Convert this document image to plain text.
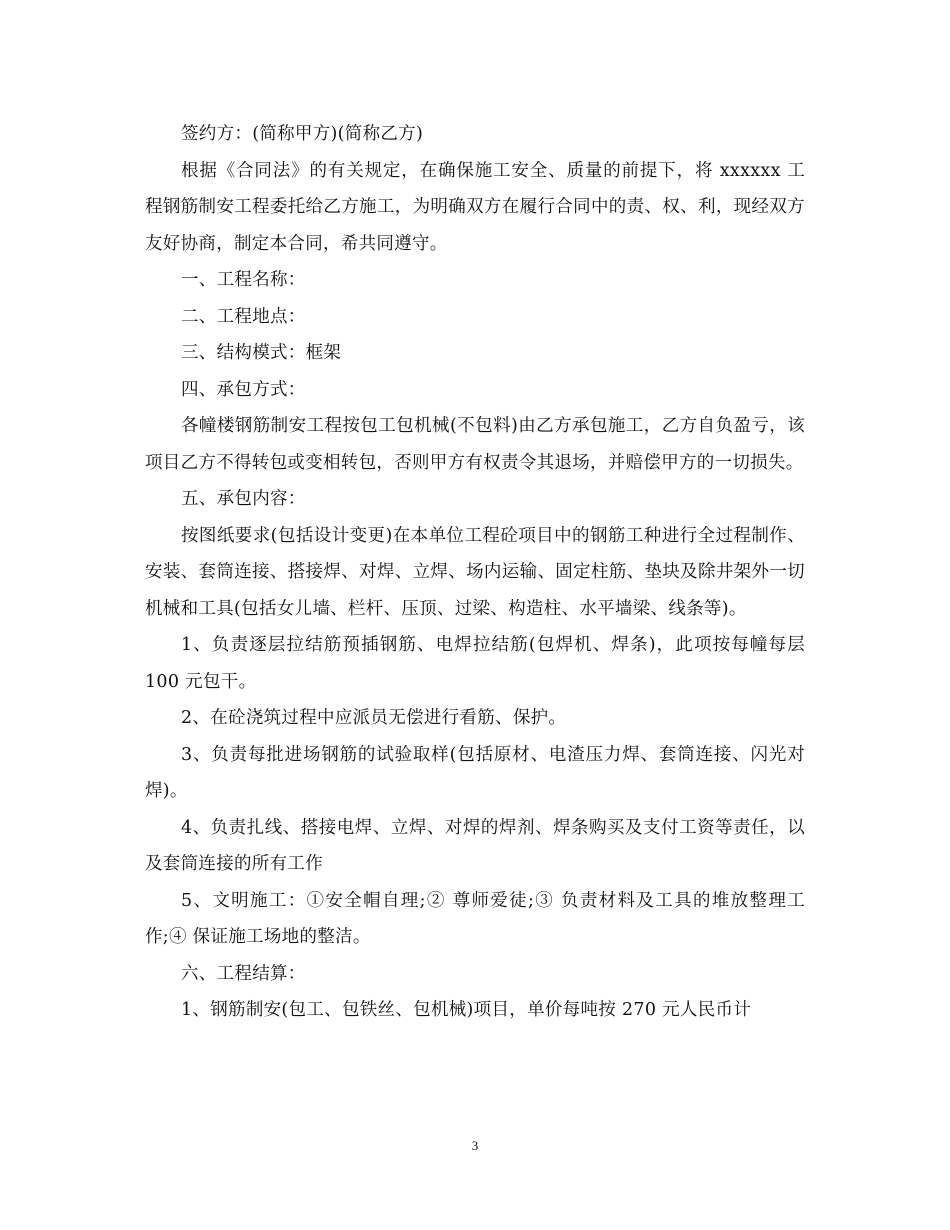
签约方：(简称甲方)(简称乙方)

根据《合同法》的有关规定，在确保施工安全、质量的前提下，将 xxxxxx 工程钢筋制安工程委托给乙方施工，为明确双方在履行合同中的责、权、利，现经双方友好协商，制定本合同，希共同遵守。

一、工程名称：

二、工程地点：

三、结构模式：框架

四、承包方式：

各幢楼钢筋制安工程按包工包机械(不包料)由乙方承包施工，乙方自负盈亏，该项目乙方不得转包或变相转包，否则甲方有权责令其退场，并赔偿甲方的一切损失。

五、承包内容：

按图纸要求(包括设计变更)在本单位工程砼项目中的钢筋工种进行全过程制作、安装、套筒连接、搭接焊、对焊、立焊、场内运输、固定柱筋、垫块及除井架外一切机械和工具(包括女儿墙、栏杆、压顶、过梁、构造柱、水平墙梁、线条等)。

1、负责逐层拉结筋预插钢筋、电焊拉结筋(包焊机、焊条)，此项按每幢每层 100 元包干。

2、在砼浇筑过程中应派员无偿进行看筋、保护。

3、负责每批进场钢筋的试验取样(包括原材、电渣压力焊、套筒连接、闪光对焊)。

4、负责扎线、搭接电焊、立焊、对焊的焊剂、焊条购买及支付工资等责任，以及套筒连接的所有工作

5、文明施工：①安全帽自理;② 尊师爱徒;③ 负责材料及工具的堆放整理工作;④ 保证施工场地的整洁。

六、工程结算：

1、钢筋制安(包工、包铁丝、包机械)项目，单价每吨按 270 元人民币计

3
